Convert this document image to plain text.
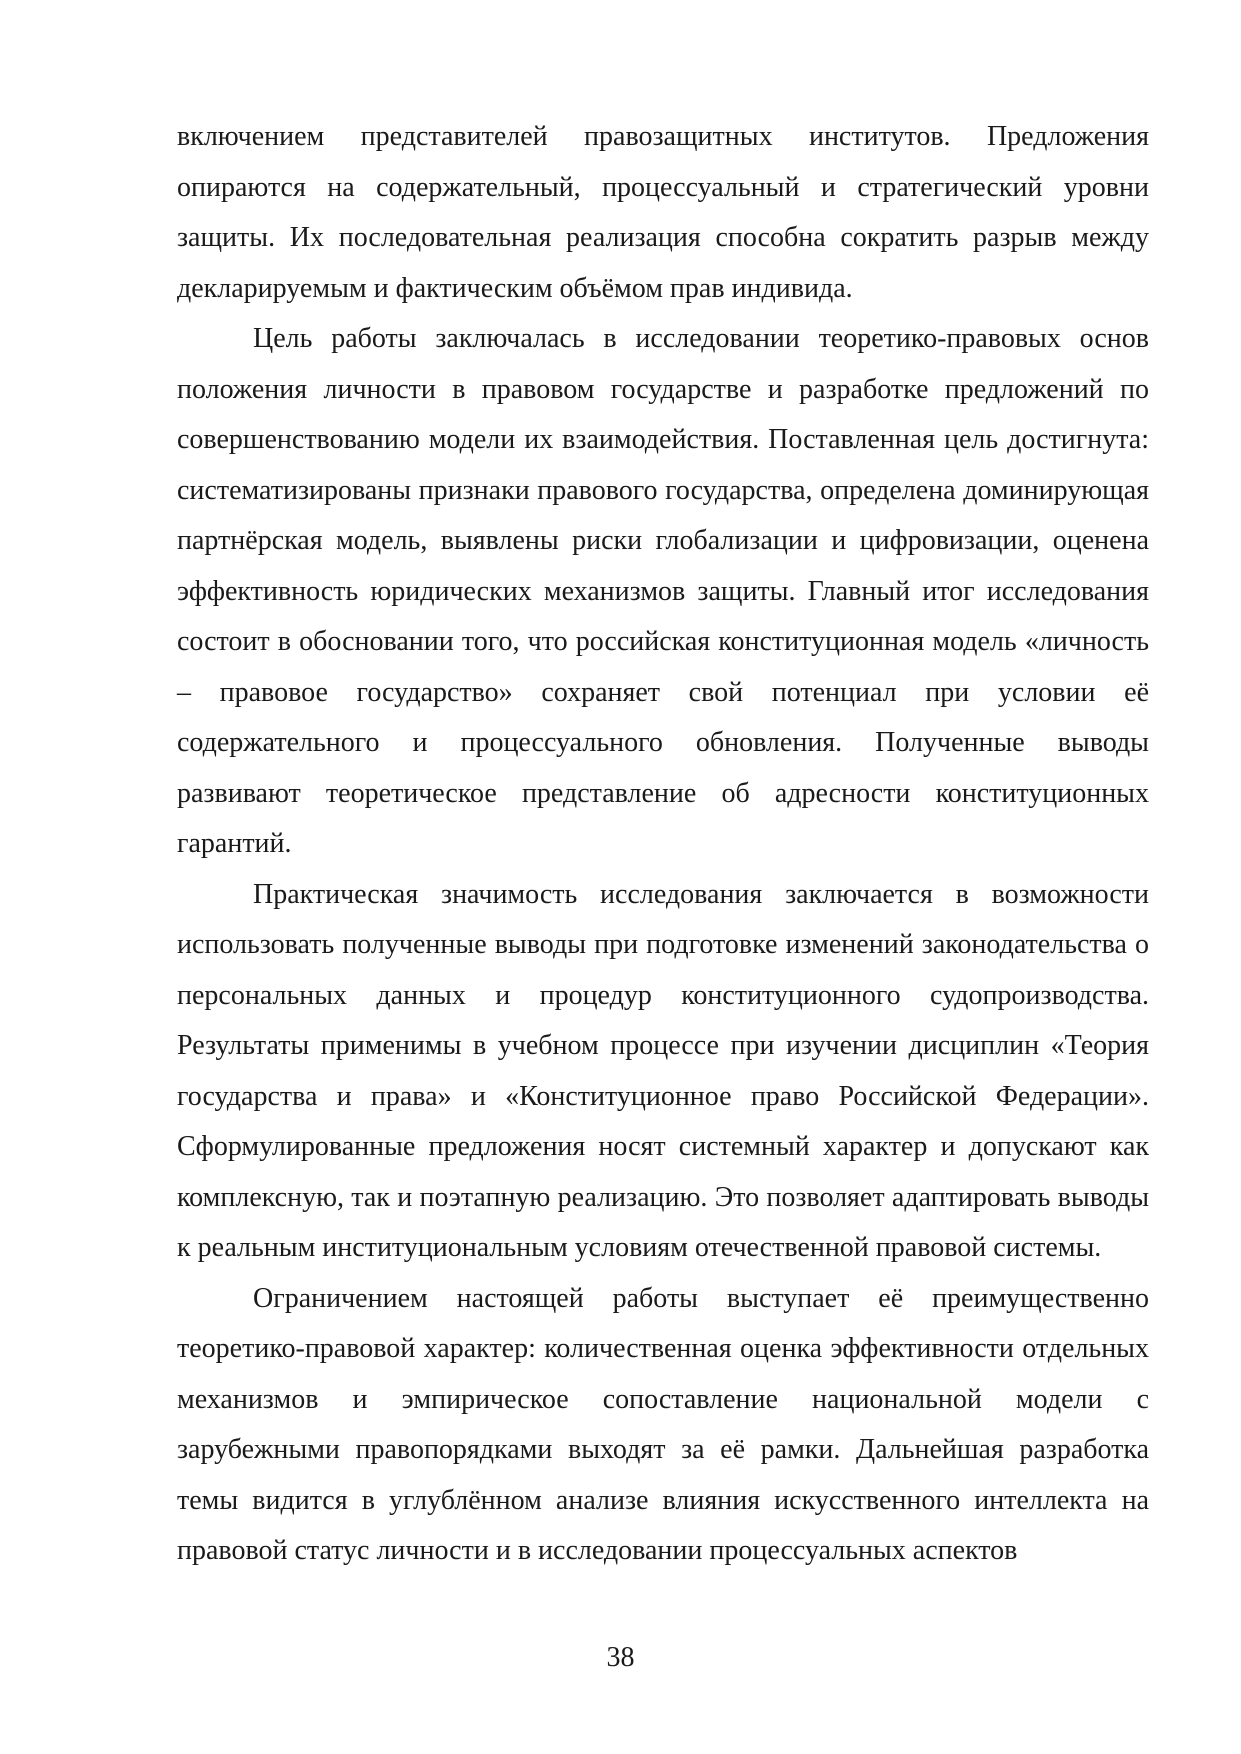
включением представителей правозащитных институтов. Предложения опираются на содержательный, процессуальный и стратегический уровни защиты. Их последовательная реализация способна сократить разрыв между декларируемым и фактическим объёмом прав индивида.

Цель работы заключалась в исследовании теоретико-правовых основ положения личности в правовом государстве и разработке предложений по совершенствованию модели их взаимодействия. Поставленная цель достигнута: систематизированы признаки правового государства, определена доминирующая партнёрская модель, выявлены риски глобализации и цифровизации, оценена эффективность юридических механизмов защиты. Главный итог исследования состоит в обосновании того, что российская конституционная модель «личность – правовое государство» сохраняет свой потенциал при условии её содержательного и процессуального обновления. Полученные выводы развивают теоретическое представление об адресности конституционных гарантий.

Практическая значимость исследования заключается в возможности использовать полученные выводы при подготовке изменений законодательства о персональных данных и процедур конституционного судопроизводства. Результаты применимы в учебном процессе при изучении дисциплин «Теория государства и права» и «Конституционное право Российской Федерации». Сформулированные предложения носят системный характер и допускают как комплексную, так и поэтапную реализацию. Это позволяет адаптировать выводы к реальным институциональным условиям отечественной правовой системы.

Ограничением настоящей работы выступает её преимущественно теоретико-правовой характер: количественная оценка эффективности отдельных механизмов и эмпирическое сопоставление национальной модели с зарубежными правопорядками выходят за её рамки. Дальнейшая разработка темы видится в углублённом анализе влияния искусственного интеллекта на правовой статус личности и в исследовании процессуальных аспектов

38
